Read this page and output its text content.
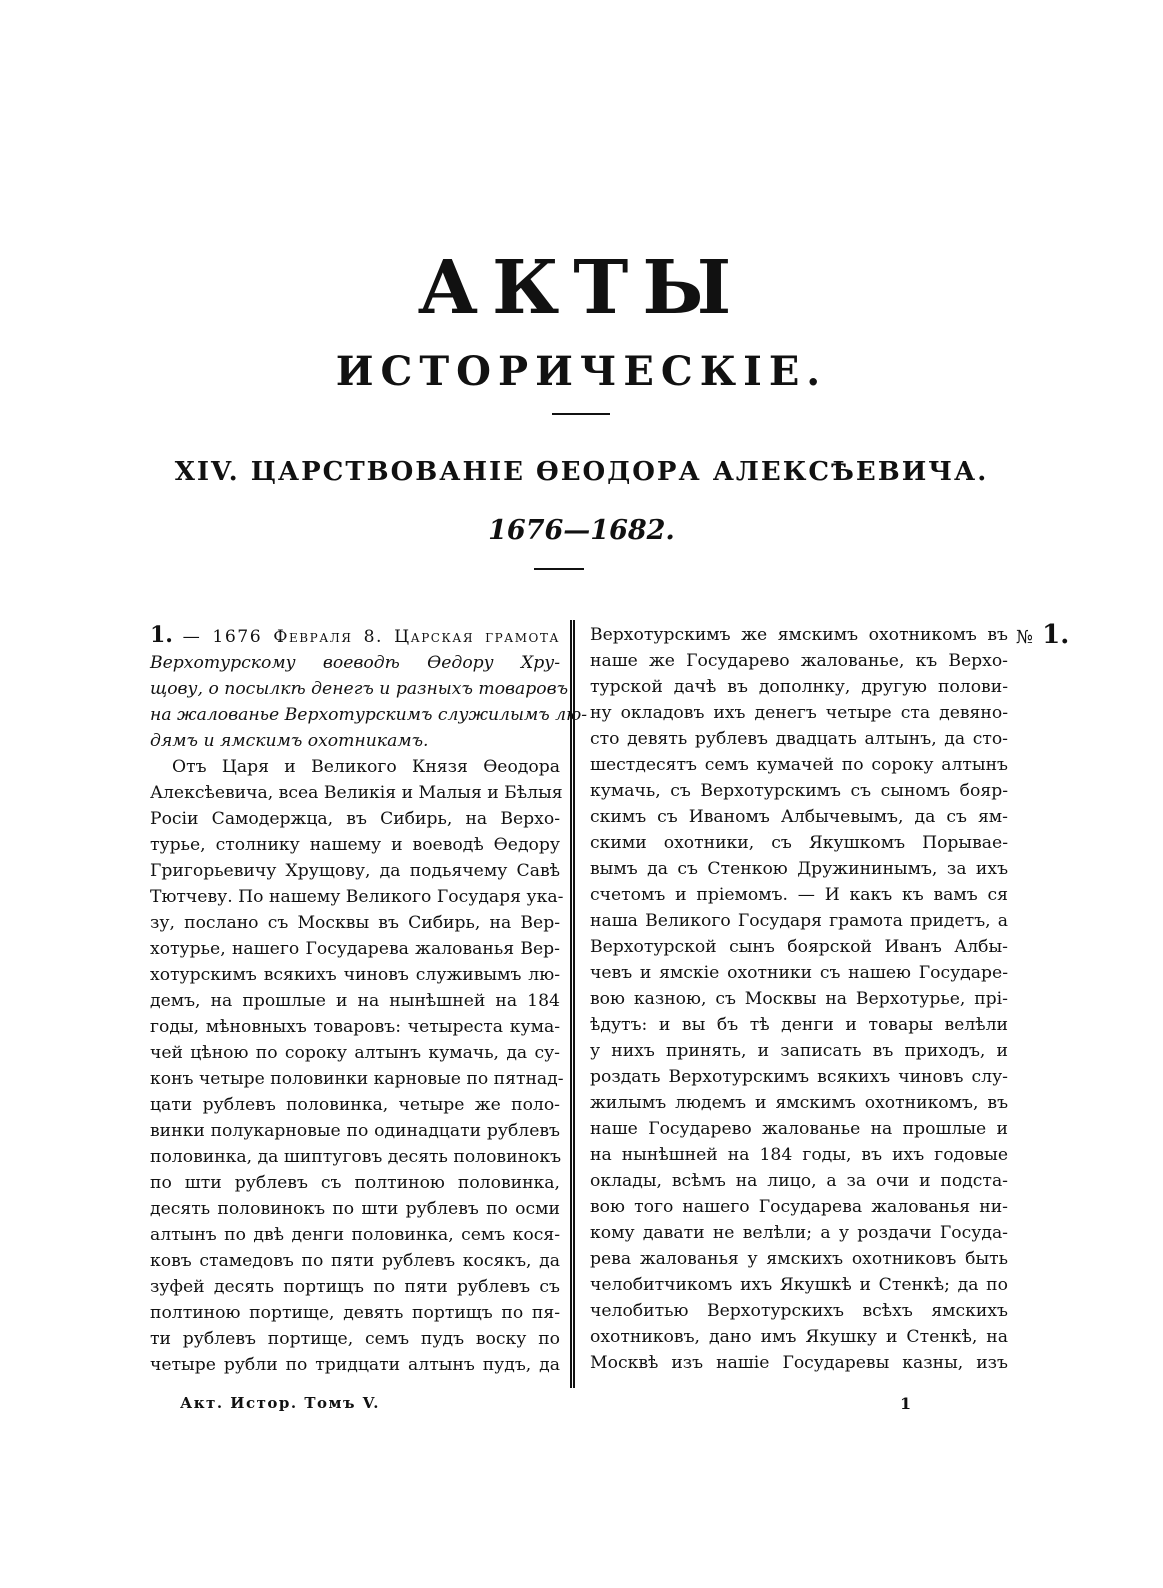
АКТЫ
ИСТОРИЧЕСКІЕ.
XIV. ЦАРСТВОВАНІЕ ѲЕОДОРА АЛЕКСѢЕВИЧА.
1676—1682.
1. — 1676 Февраля 8. Царская грамота
Верхотурскому воеводѣ Ѳедору Хру-
щову, о посылкѣ денегъ и разныхъ товаровъ
на жалованье Верхотурскимъ служилымъ лю-
дямъ и ямскимъ охотникамъ.
Отъ Царя и Великого Князя Ѳеодора
Алексѣевича, всеа Великія и Малыя и Бѣлыя
Росіи Самодержца, въ Сибирь, на Верхо-
турье, столнику нашему и воеводѣ Ѳедору
Григорьевичу Хрущову, да подьячему Савѣ
Тютчеву. По нашему Великого Государя ука-
зу, послано съ Москвы въ Сибирь, на Вер-
хотурье, нашего Государева жалованья Вер-
хотурскимъ всякихъ чиновъ служивымъ лю-
демъ, на прошлые и на нынѣшней на 184
годы, мѣновныхъ товаровъ: четыреста кума-
чей цѣною по сороку алтынъ кумачь, да су-
конъ четыре половинки карновые по пятнад-
цати рублевъ половинка, четыре же поло-
винки полукарновые по одинадцати рублевъ
половинка, да шиптуговъ десять половинокъ
по шти рублевъ съ полтиною половинка,
десять половинокъ по шти рублевъ по осми
алтынъ по двѣ денги половинка, семъ кося-
ковъ стамедовъ по пяти рублевъ косякъ, да
зуфей десять портищъ по пяти рублевъ съ
полтиною портище, девять портищъ по пя-
ти рублевъ портище, семъ пудъ воску по
четыре рубли по тридцати алтынъ пудъ, да
Верхотурскимъ же ямскимъ охотникомъ въ
наше же Государево жалованье, къ Верхо-
турской дачѣ въ дополнку, другую полови-
ну окладовъ ихъ денегъ четыре ста девяно-
сто девять рублевъ двадцать алтынъ, да сто-
шестдесятъ семъ кумачей по сороку алтынъ
кумачь, съ Верхотурскимъ съ сыномъ бояр-
скимъ съ Иваномъ Албычевымъ, да съ ям-
скими охотники, съ Якушкомъ Порывае-
вымъ да съ Стенкою Дружининымъ, за ихъ
счетомъ и пріемомъ. — И какъ къ вамъ ся
наша Великого Государя грамота придетъ, а
Верхотурской сынъ боярской Иванъ Албы-
чевъ и ямскіе охотники съ нашею Государе-
вою казною, съ Москвы на Верхотурье, прі-
ѣдутъ: и вы бъ тѣ денги и товары велѣли
у нихъ принять, и записать въ приходъ, и
роздать Верхотурскимъ всякихъ чиновъ слу-
жилымъ людемъ и ямскимъ охотникомъ, въ
наше Государево жалованье на прошлые и
на нынѣшней на 184 годы, въ ихъ годовые
оклады, всѣмъ на лицо, а за очи и подста-
вою того нашего Государева жалованья ни-
кому давати не велѣли; а у роздачи Госуда-
рева жалованья у ямскихъ охотниковъ быть
челобитчикомъ ихъ Якушкѣ и Стенкѣ; да по
челобитью Верхотурскихъ всѣхъ ямскихъ
охотниковъ, дано имъ Якушку и Стенкѣ, на
Москвѣ изъ нашіе Государевы казны, изъ
№ 1.
Акт. Истор. Томъ V.	1
